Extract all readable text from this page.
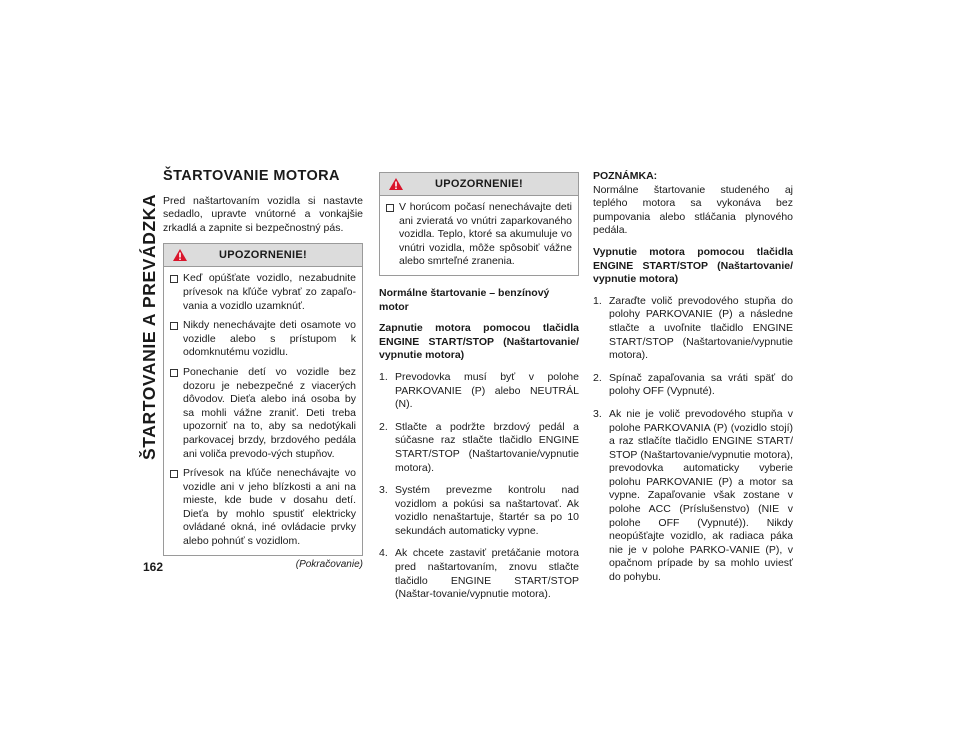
ŠTARTOVANIE A PREVÁDZKA
162
ŠTARTOVANIE MOTORA
Pred naštartovaním vozidla si nastavte sedadlo, upravte vnútorné a vonkajšie zrkadlá a zapnite si bezpečnostný pás.
UPOZORNENIE!
Keď opúšťate vozidlo, nezabudnite prívesok na kľúče vybrať zo zapaľo-vania a vozidlo uzamknúť.
Nikdy nenechávajte deti osamote vo vozidle alebo s prístupom k odomknutému vozidlu.
Ponechanie detí vo vozidle bez dozoru je nebezpečné z viacerých dôvodov. Dieťa alebo iná osoba by sa mohli vážne zraniť. Deti treba upozorniť na to, aby sa nedotýkali parkovacej brzdy, brzdového pedála ani voliča prevodo-vých stupňov.
Prívesok na kľúče nenechávajte vo vozidle ani v jeho blízkosti a ani na mieste, kde bude v dosahu detí. Dieťa by mohlo spustiť elektricky ovládané okná, iné ovládacie prvky alebo pohnúť s vozidlom.
(Pokračovanie)
UPOZORNENIE!
V horúcom počasí nenechávajte deti ani zvieratá vo vnútri zaparkovaného vozidla. Teplo, ktoré sa akumuluje vo vnútri vozidla, môže spôsobiť vážne alebo smrteľné zranenia.
Normálne štartovanie – benzínový motor
Zapnutie motora pomocou tlačidla ENGINE START/STOP (Naštartovanie/ vypnutie motora)
1. Prevodovka musí byť v polohe PARKOVANIE (P) alebo NEUTRÁL (N).
2. Stlačte a podržte brzdový pedál a súčasne raz stlačte tlačidlo ENGINE START/STOP (Naštartovanie/vypnutie motora).
3. Systém prevezme kontrolu nad vozidlom a pokúsi sa naštartovať. Ak vozidlo nenaštartuje, štartér sa po 10 sekundách automaticky vypne.
4. Ak chcete zastaviť pretáčanie motora pred naštartovaním, znovu stlačte tlačidlo ENGINE START/STOP (Naštar-tovanie/vypnutie motora).
POZNÁMKA:
Normálne štartovanie studeného aj teplého motora sa vykonáva bez pumpovania alebo stláčania plynového pedála.
Vypnutie motora pomocou tlačidla ENGINE START/STOP (Naštartovanie/ vypnutie motora)
1. Zaraďte volič prevodového stupňa do polohy PARKOVANIE (P) a následne stlačte a uvoľnite tlačidlo ENGINE START/STOP (Naštartovanie/vypnutie motora).
2. Spínač zapaľovania sa vráti späť do polohy OFF (Vypnuté).
3. Ak nie je volič prevodového stupňa v polohe PARKOVANIA (P) (vozidlo stojí) a raz stlačíte tlačidlo ENGINE START/ STOP (Naštartovanie/vypnutie motora), prevodovka automaticky vyberie polohu PARKOVANIE (P) a motor sa vypne. Zapaľovanie však zostane v polohe ACC (Príslušenstvo) (NIE v polohe OFF (Vypnuté)). Nikdy neopúšťajte vozidlo, ak radiaca páka nie je v polohe PARKO-VANIE (P), v opačnom prípade by sa mohlo uviesť do pohybu.
